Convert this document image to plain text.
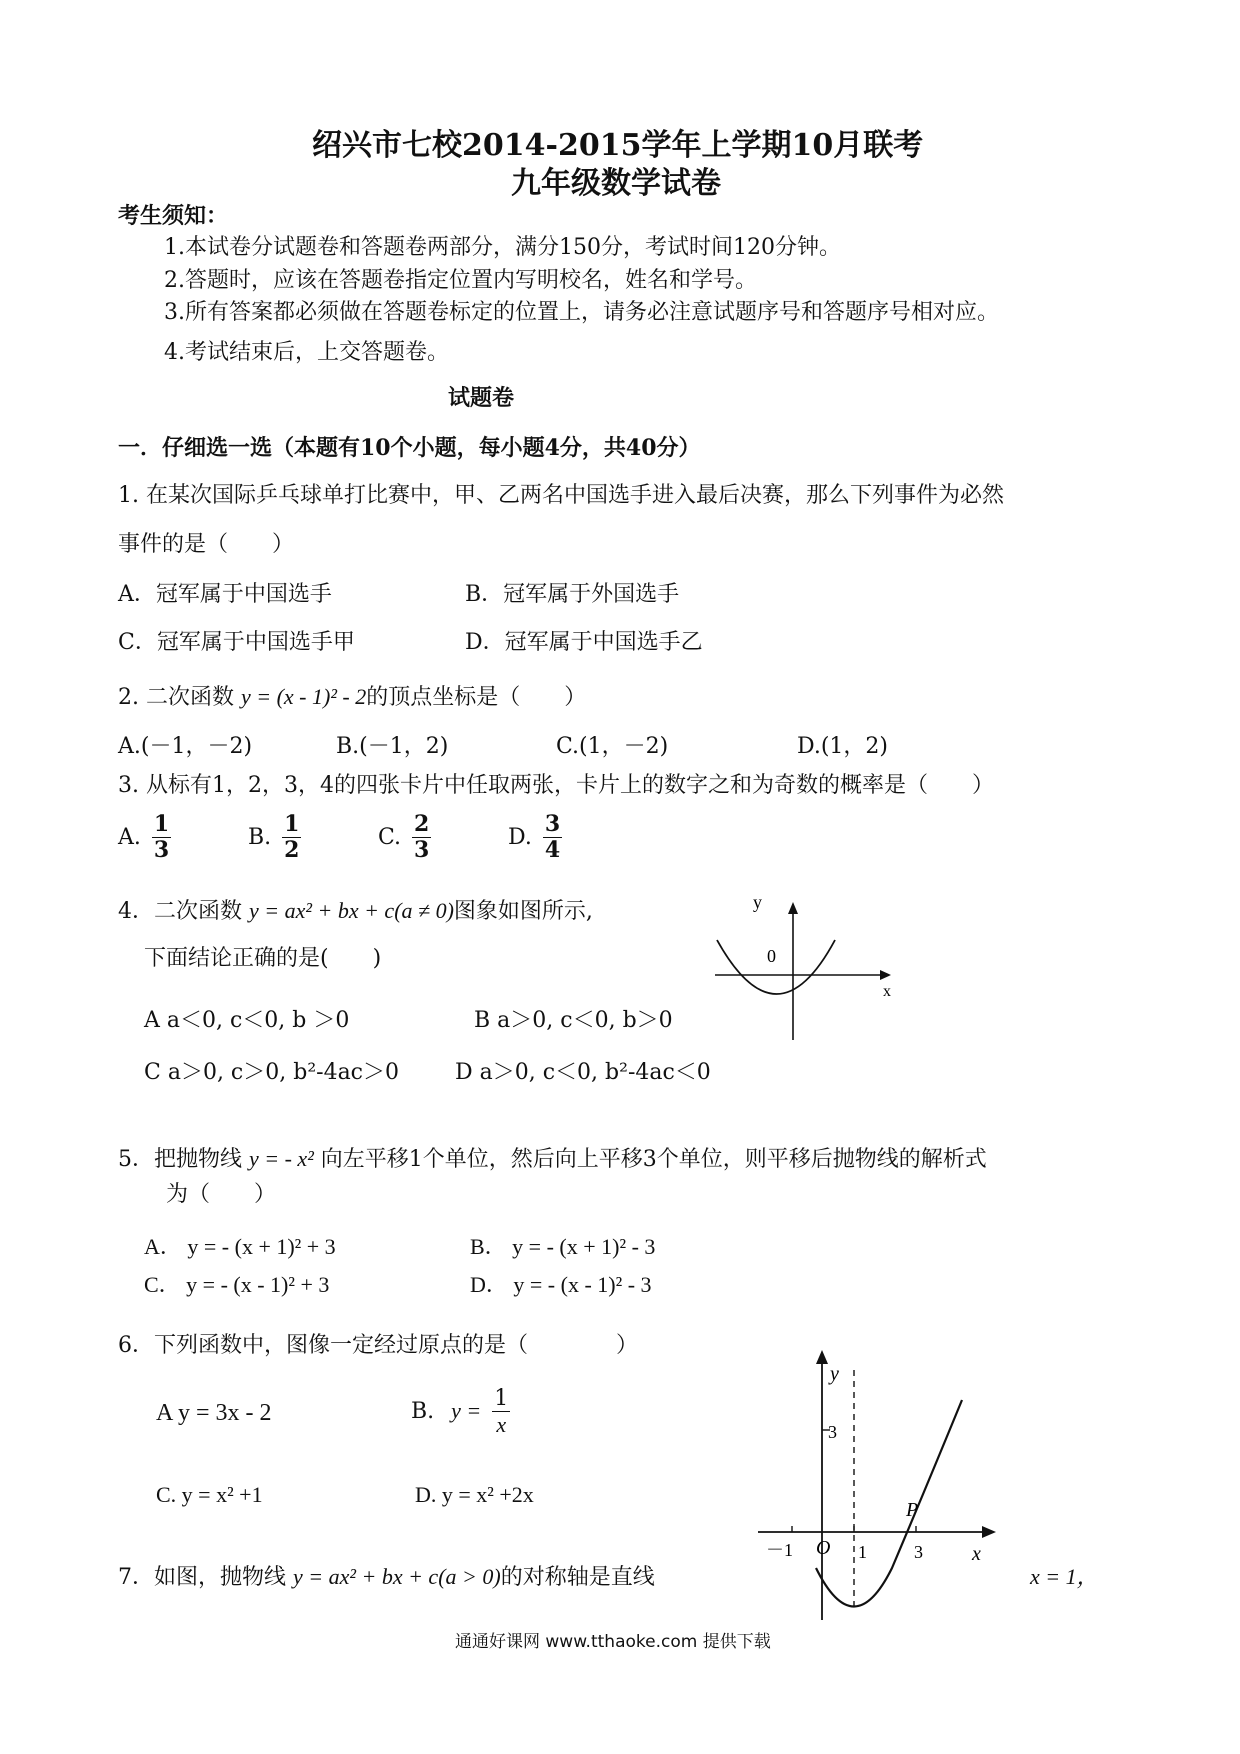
绍兴市七校2014-2015学年上学期10月联考
九年级数学试卷
考生须知：
1.本试卷分试题卷和答题卷两部分，满分150分，考试时间120分钟。
2.答题时，应该在答题卷指定位置内写明校名，姓名和学号。
3.所有答案都必须做在答题卷标定的位置上，请务必注意试题序号和答题序号相对应。
4.考试结束后，上交答题卷。
试题卷
一．仔细选一选（本题有10个小题，每小题4分，共40分）
1. 在某次国际乒乓球单打比赛中，甲、乙两名中国选手进入最后决赛，那么下列事件为必然
事件的是（　　）
A．冠军属于中国选手	B．冠军属于外国选手
C．冠军属于中国选手甲	D．冠军属于中国选手乙
2. 二次函数 y = (x - 1)² - 2的顶点坐标是（　　）
A.(－1，－2)	B.(－1，2)	C.(1，－2)	D.(1，2)
3. 从标有1，2，3，4的四张卡片中任取两张，卡片上的数字之和为奇数的概率是（　　）
A. $\frac{1}{3}$	B. $\frac{1}{2}$	C. $\frac{2}{3}$	D. $\frac{3}{4}$
4．二次函数 y = ax² + bx + c(a ≠ 0)图象如图所示,
下面结论正确的是(　　)
A a＜0, c＜0, b ＞0	B a＞0, c＜0, b＞0
C a＞0, c＞0, b²-4ac＞0	D a＞0, c＜0, b²-4ac＜0
y
x
0
5．把抛物线 y = - x² 向左平移1个单位，然后向上平移3个单位，则平移后抛物线的解析式
为（　　）
A． y = - (x + 1)² + 3	B． y = - (x + 1)² - 3
C． y = - (x - 1)² + 3	D． y = - (x - 1)² - 3
6．下列函数中，图像一定经过原点的是（　　　　）
A y = 3x - 2	B. $y = \frac{1}{x}$
C. y = x² +1	D. y = x² +2x
y
x
3
1	3
－1 O
P
7．如图，抛物线 y = ax² + bx + c(a > 0)的对称轴是直线	x = 1，
通通好课网 www.tthaoke.com 提供下载
